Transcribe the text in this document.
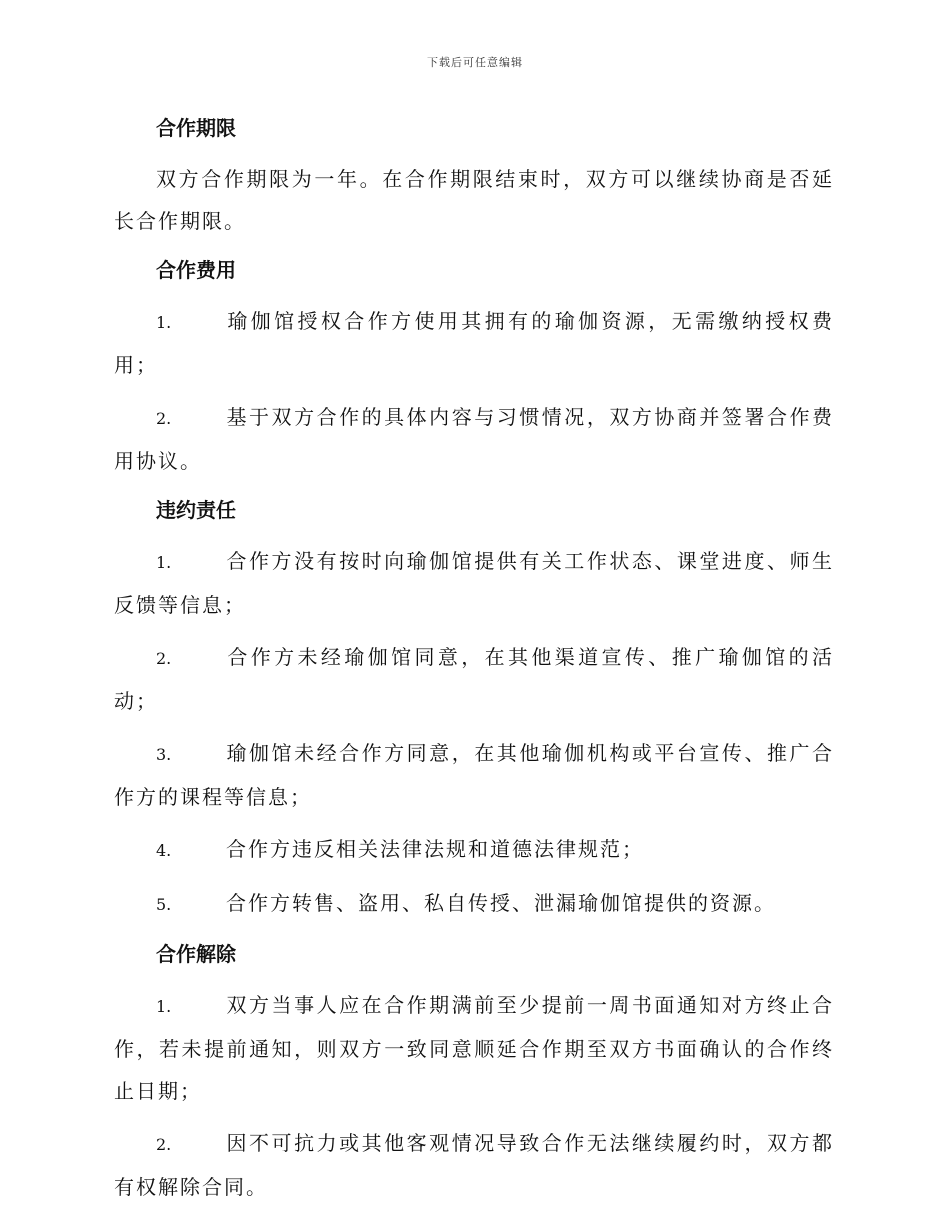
下载后可任意编辑
合作期限

双方合作期限为一年。在合作期限结束时，双方可以继续协商是否延长合作期限。

合作费用

1.	瑜伽馆授权合作方使用其拥有的瑜伽资源，无需缴纳授权费用；

2.	基于双方合作的具体内容与习惯情况，双方协商并签署合作费用协议。

违约责任

1.	合作方没有按时向瑜伽馆提供有关工作状态、课堂进度、师生反馈等信息；

2.	合作方未经瑜伽馆同意，在其他渠道宣传、推广瑜伽馆的活动；

3.	瑜伽馆未经合作方同意，在其他瑜伽机构或平台宣传、推广合作方的课程等信息；

4.	合作方违反相关法律法规和道德法律规范；

5.	合作方转售、盗用、私自传授、泄漏瑜伽馆提供的资源。

合作解除

1.	双方当事人应在合作期满前至少提前一周书面通知对方终止合作，若未提前通知，则双方一致同意顺延合作期至双方书面确认的合作终止日期；

2.	因不可抗力或其他客观情况导致合作无法继续履约时，双方都有权解除合同。
